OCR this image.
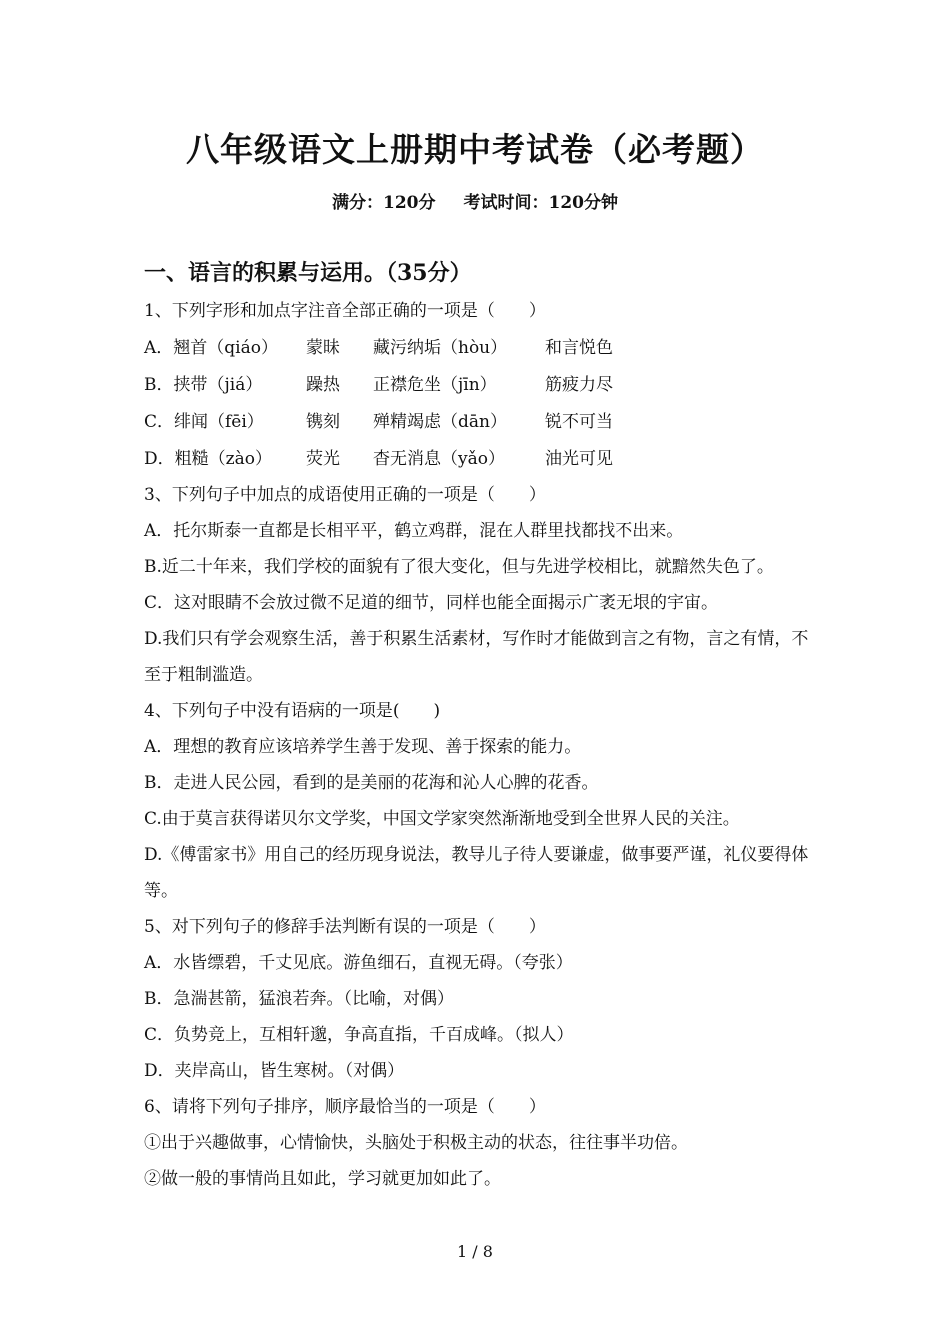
八年级语文上册期中考试卷（必考题）
满分：120分 考试时间：120分钟
一、语言的积累与运用。（35分）
1、下列字形和加点字注音全部正确的一项是（　　）
A．翘首（qiáo）	蒙昧	藏污纳垢（hòu）	和言悦色
B．挟带（jiá）	躁热	正襟危坐（jīn）	筋疲力尽
C．绯闻（fēi）	镌刻	殚精竭虑（dān）	锐不可当
D．粗糙（zào）	荧光	杳无消息（yǎo）	油光可见
3、下列句子中加点的成语使用正确的一项是（　　）
A．托尔斯泰一直都是长相平平，鹤立鸡群，混在人群里找都找不出来。
B.近二十年来，我们学校的面貌有了很大变化，但与先进学校相比，就黯然失色了。
C．这对眼睛不会放过微不足道的细节，同样也能全面揭示广袤无垠的宇宙。
D.我们只有学会观察生活，善于积累生活素材，写作时才能做到言之有物，言之有情，不至于粗制滥造。
4、下列句子中没有语病的一项是(　　)
A．理想的教育应该培养学生善于发现、善于探索的能力。
B．走进人民公园，看到的是美丽的花海和沁人心脾的花香。
C.由于莫言获得诺贝尔文学奖，中国文学家突然渐渐地受到全世界人民的关注。
D.《傅雷家书》用自己的经历现身说法，教导儿子待人要谦虚，做事要严谨，礼仪要得体等。
5、对下列句子的修辞手法判断有误的一项是（　　）
A．水皆缥碧，千丈见底。游鱼细石，直视无碍。（夸张）
B．急湍甚箭，猛浪若奔。（比喻，对偶）
C．负势竞上，互相轩邈，争高直指，千百成峰。（拟人）
D．夹岸高山，皆生寒树。（对偶）
6、请将下列句子排序，顺序最恰当的一项是（　　）
①出于兴趣做事，心情愉快，头脑处于积极主动的状态，往往事半功倍。
②做一般的事情尚且如此，学习就更加如此了。
1 / 8
